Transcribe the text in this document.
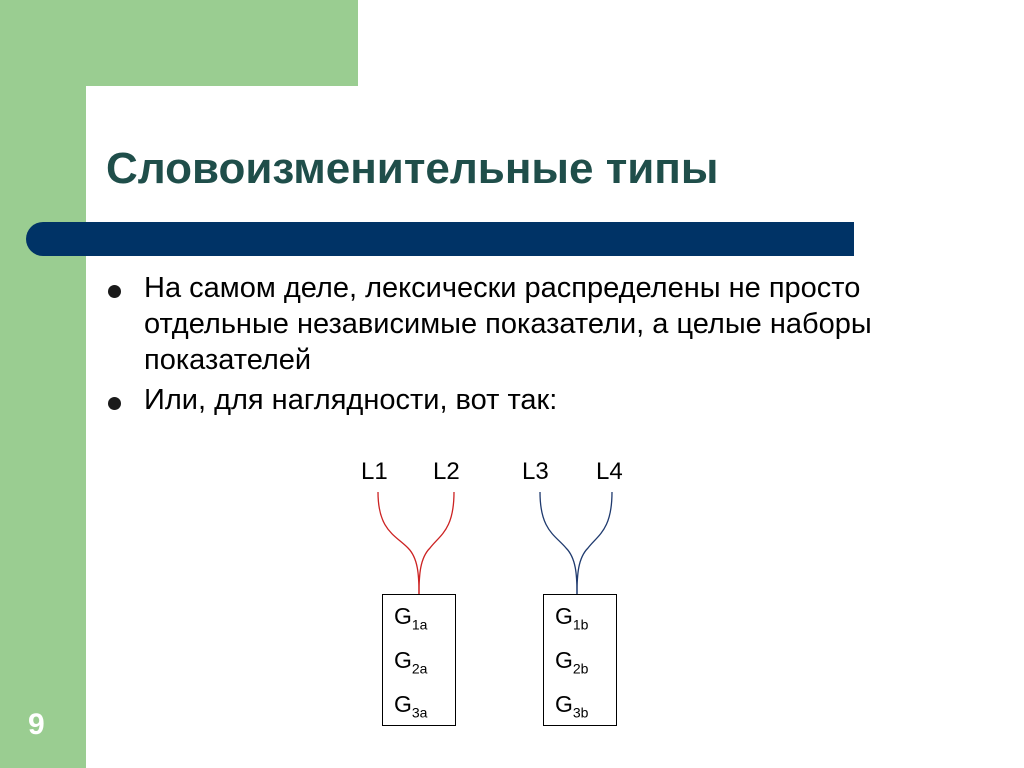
Словоизменительные типы
На самом деле, лексически распределены не просто отдельные независимые показатели, а целые наборы показателей
Или, для наглядности, вот так:
L1 L2	L3 L4
$G_{1a}$
$G_{2a}$
$G_{3a}$
$G_{1b}$
$G_{2b}$
$G_{3b}$
9
